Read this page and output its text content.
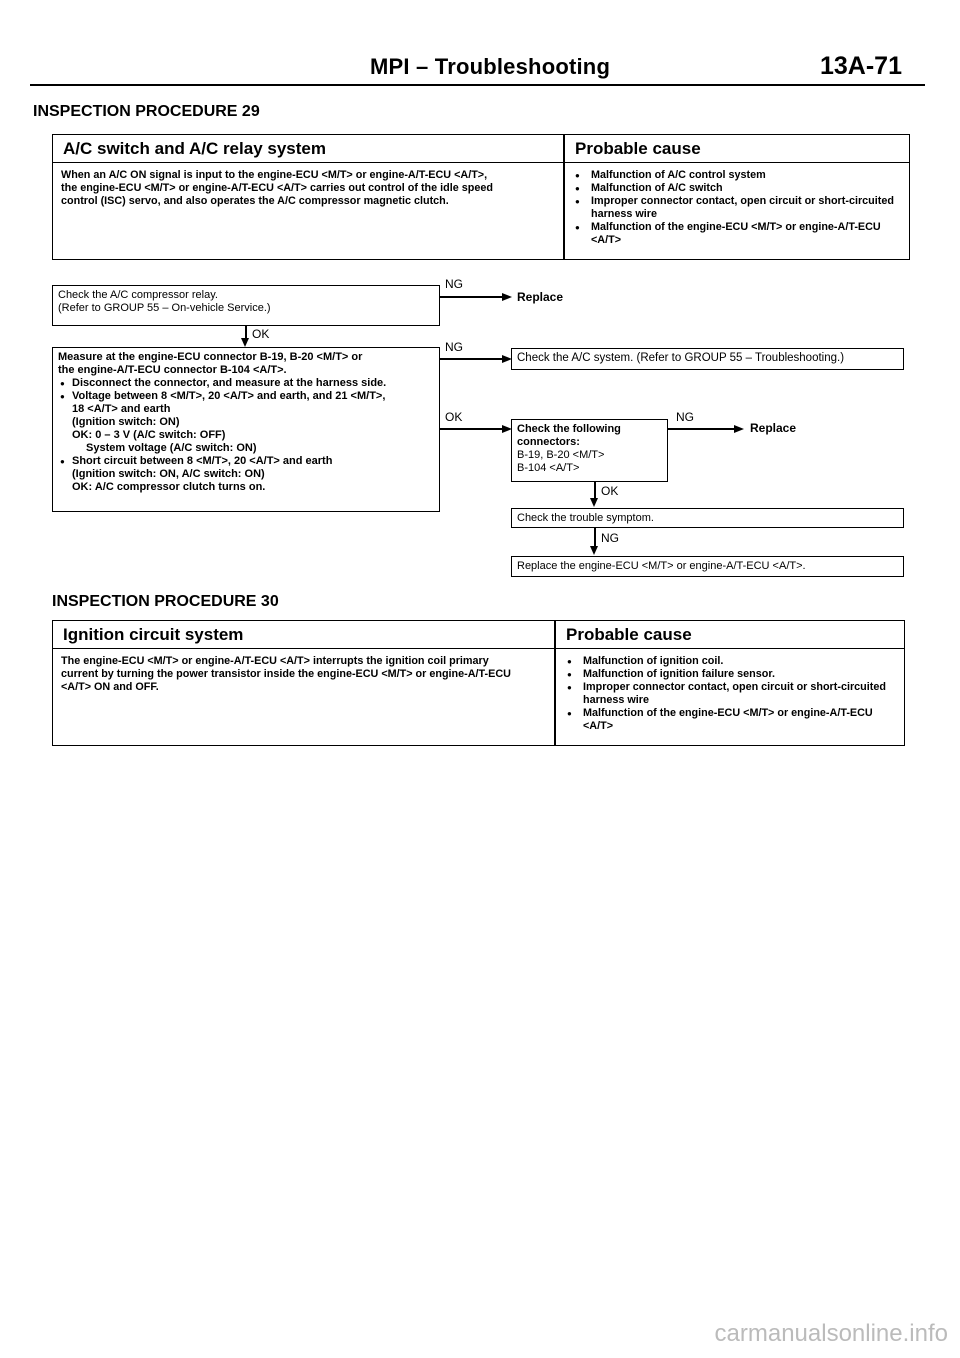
MPI – Troubleshooting	13A-71
INSPECTION PROCEDURE 29
A/C switch and A/C relay system	Probable cause
When an A/C ON signal is input to the engine-ECU <M/T> or engine-A/T-ECU <A/T>,
the engine-ECU <M/T> or engine-A/T-ECU <A/T> carries out control of the idle speed
control (ISC) servo, and also operates the A/C compressor magnetic clutch.
● Malfunction of A/C control system
● Malfunction of A/C switch
● Improper connector contact, open circuit or short-circuited harness wire
● Malfunction of the engine-ECU <M/T> or engine-A/T-ECU <A/T>
Check the A/C compressor relay.
(Refer to GROUP 55 – On-vehicle Service.)
NG
Replace
OK
Measure at the engine-ECU connector B-19, B-20 <M/T> or
the engine-A/T-ECU connector B-104 <A/T>.
● Disconnect the connector, and measure at the harness side.
● Voltage between 8 <M/T>, 20 <A/T> and earth, and 21 <M/T>,
18 <A/T> and earth
(Ignition switch: ON)
OK: 0 – 3 V (A/C switch: OFF)
System voltage (A/C switch: ON)
● Short circuit between 8 <M/T>, 20 <A/T> and earth
(Ignition switch: ON, A/C switch: ON)
OK: A/C compressor clutch turns on.
NG
Check the A/C system. (Refer to GROUP 55 – Troubleshooting.)
OK
Check the following
connectors:
B-19, B-20 <M/T>
B-104 <A/T>
NG
Replace
OK
Check the trouble symptom.
NG
Replace the engine-ECU <M/T> or engine-A/T-ECU <A/T>.
INSPECTION PROCEDURE 30
Ignition circuit system	Probable cause
The engine-ECU <M/T> or engine-A/T-ECU <A/T> interrupts the ignition coil primary
current by turning the power transistor inside the engine-ECU <M/T> or engine-A/T-ECU
<A/T> ON and OFF.
● Malfunction of ignition coil.
● Malfunction of ignition failure sensor.
● Improper connector contact, open circuit or short-circuited harness wire
● Malfunction of the engine-ECU <M/T> or engine-A/T-ECU <A/T>
carmanualsonline.info
